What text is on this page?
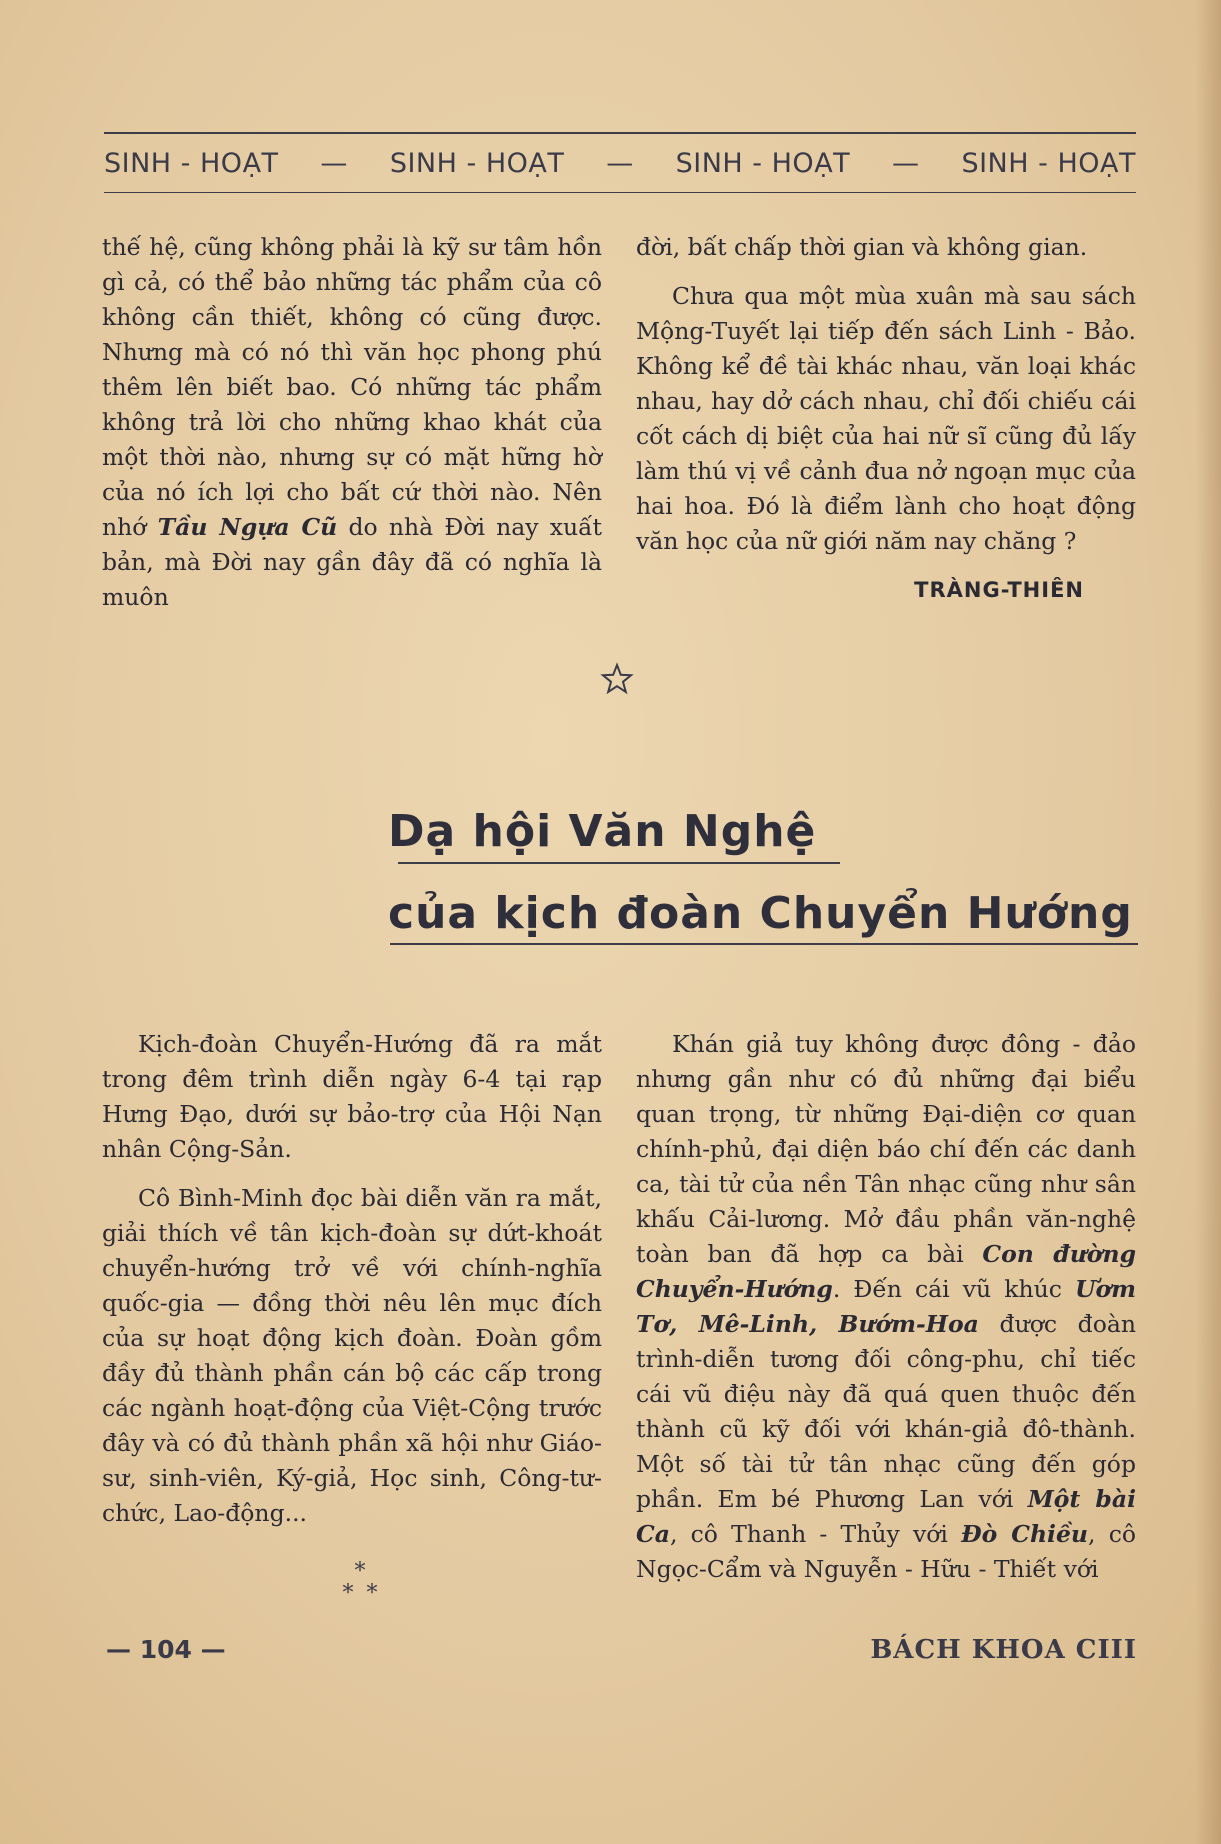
SINH - HOẠT — SINH - HOẠT — SINH - HOẠT — SINH - HOẠT

thế hệ, cũng không phải là kỹ sư tâm hồn gì cả, có thể bảo những tác phẩm của cô không cần thiết, không có cũng được. Nhưng mà có nó thì văn học phong phú thêm lên biết bao. Có những tác phẩm không trả lời cho những khao khát của một thời nào, nhưng sự có mặt hững hờ của nó ích lợi cho bất cứ thời nào. Nên nhớ Tầu Ngựa Cũ do nhà Đời nay xuất bản, mà Đời nay gần đây đã có nghĩa là muôn

đời, bất chấp thời gian và không gian.

Chưa qua một mùa xuân mà sau sách Mộng-Tuyết lại tiếp đến sách Linh - Bảo. Không kể đề tài khác nhau, văn loại khác nhau, hay dở cách nhau, chỉ đối chiếu cái cốt cách dị biệt của hai nữ sĩ cũng đủ lấy làm thú vị về cảnh đua nở ngoạn mục của hai hoa. Đó là điểm lành cho hoạt động văn học của nữ giới năm nay chăng ?

TRÀNG-THIÊN
Dạ hội Văn Nghệ
của kịch đoàn Chuyển Hướng

Kịch-đoàn Chuyển-Hướng đã ra mắt trong đêm trình diễn ngày 6-4 tại rạp Hưng Đạo, dưới sự bảo-trợ của Hội Nạn nhân Cộng-Sản.

Cô Bình-Minh đọc bài diễn văn ra mắt, giải thích về tân kịch-đoàn sự dứt-khoát chuyển-hướng trở về với chính-nghĩa quốc-gia — đồng thời nêu lên mục đích của sự hoạt động kịch đoàn. Đoàn gồm đầy đủ thành phần cán bộ các cấp trong các ngành hoạt-động của Việt-Cộng trước đây và có đủ thành phần xã hội như Giáo-sư, sinh-viên, Ký-giả, Học sinh, Công-tư-chức, Lao-động...

Khán giả tuy không được đông - đảo nhưng gần như có đủ những đại biểu quan trọng, từ những Đại-diện cơ quan chính-phủ, đại diện báo chí đến các danh ca, tài tử của nền Tân nhạc cũng như sân khấu Cải-lương. Mở đầu phần văn-nghệ toàn ban đã hợp ca bài Con đường Chuyển-Hướng. Đến cái vũ khúc Ươm Tơ, Mê-Linh, Bướm-Hoa được đoàn trình-diễn tương đối công-phu, chỉ tiếc cái vũ điệu này đã quá quen thuộc đến thành cũ kỹ đối với khán-giả đô-thành. Một số tài tử tân nhạc cũng đến góp phần. Em bé Phương Lan với Một bài Ca, cô Thanh - Thủy với Đò Chiều, cô Ngọc-Cẩm và Nguyễn - Hữu - Thiết với

*
* *
— 104 —	BÁCH KHOA CIII
